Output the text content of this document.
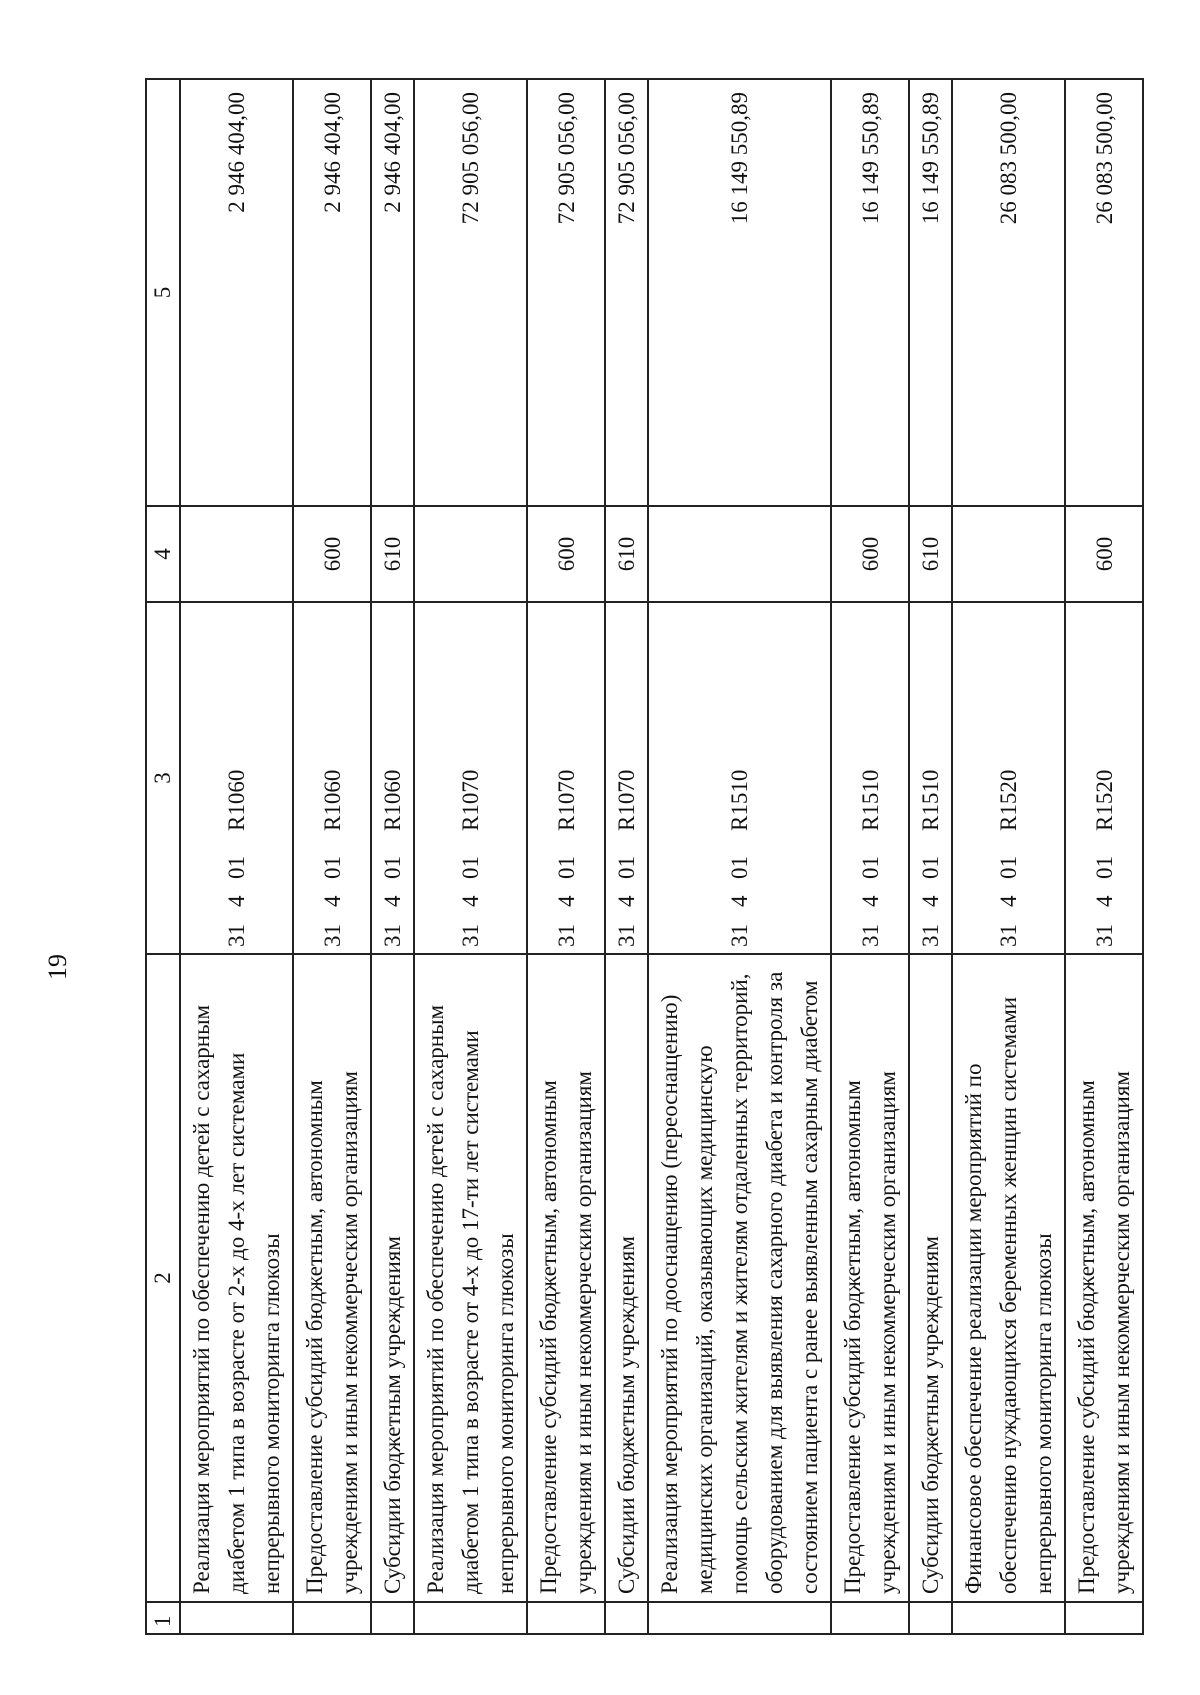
19
1	2	3	4	5
	Реализация мероприятий по обеспечению детей с сахарным диабетом 1 типа в возрасте от 2-х до 4-х лет системами непрерывного мониторинга глюкозы	31401R1060		2 946 404,00
	Предоставление субсидий бюджетным, автономным учреждениям и иным некоммерческим организациям	31401R1060	600	2 946 404,00
	Субсидии бюджетным учреждениям	31401R1060	610	2 946 404,00
	Реализация мероприятий по обеспечению детей с сахарным диабетом 1 типа в возрасте от 4-х до 17-ти лет системами непрерывного мониторинга глюкозы	31401R1070		72 905 056,00
	Предоставление субсидий бюджетным, автономным учреждениям и иным некоммерческим организациям	31401R1070	600	72 905 056,00
	Субсидии бюджетным учреждениям	31401R1070	610	72 905 056,00
	Реализация мероприятий по дооснащению (переоснащению) медицинских организаций, оказывающих медицинскую помощь сельским жителям и жителям отдаленных территорий, оборудованием для выявления сахарного диабета и контроля за состоянием пациента с ранее выявленным сахарным диабетом	31401R1510		16 149 550,89
	Предоставление субсидий бюджетным, автономным учреждениям и иным некоммерческим организациям	31401R1510	600	16 149 550,89
	Субсидии бюджетным учреждениям	31401R1510	610	16 149 550,89
	Финансовое обеспечение реализации мероприятий по обеспечению нуждающихся беременных женщин системами непрерывного мониторинга глюкозы	31401R1520		26 083 500,00
	Предоставление субсидий бюджетным, автономным учреждениям и иным некоммерческим организациям	31401R1520	600	26 083 500,00
